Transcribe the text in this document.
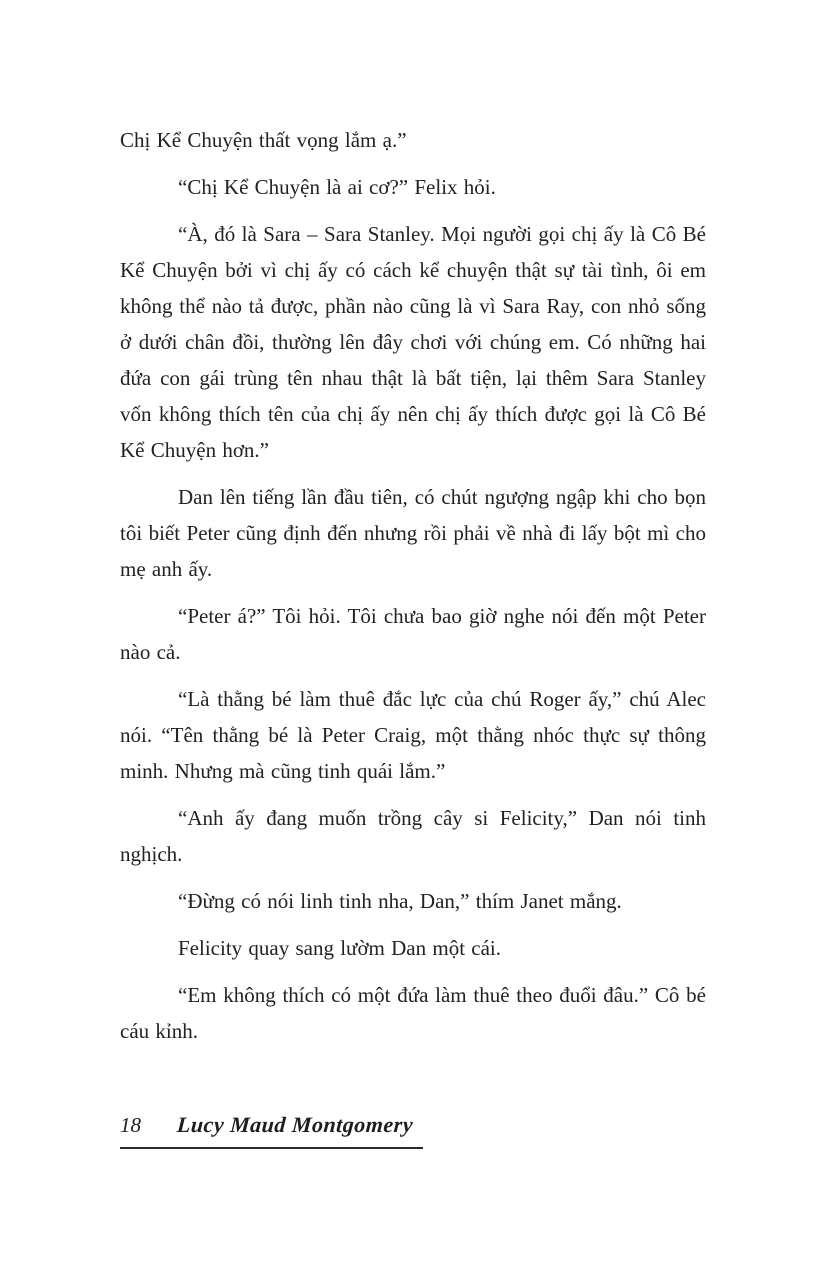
Chị Kể Chuyện thất vọng lắm ạ.”

“Chị Kể Chuyện là ai cơ?” Felix hỏi.

“À, đó là Sara – Sara Stanley. Mọi người gọi chị ấy là Cô Bé Kể Chuyện bởi vì chị ấy có cách kể chuyện thật sự tài tình, ôi em không thể nào tả được, phần nào cũng là vì Sara Ray, con nhỏ sống ở dưới chân đồi, thường lên đây chơi với chúng em. Có những hai đứa con gái trùng tên nhau thật là bất tiện, lại thêm Sara Stanley vốn không thích tên của chị ấy nên chị ấy thích được gọi là Cô Bé Kể Chuyện hơn.”

Dan lên tiếng lần đầu tiên, có chút ngượng ngập khi cho bọn tôi biết Peter cũng định đến nhưng rồi phải về nhà đi lấy bột mì cho mẹ anh ấy.

“Peter á?” Tôi hỏi. Tôi chưa bao giờ nghe nói đến một Peter nào cả.

“Là thằng bé làm thuê đắc lực của chú Roger ấy,” chú Alec nói. “Tên thằng bé là Peter Craig, một thằng nhóc thực sự thông minh. Nhưng mà cũng tinh quái lắm.”

“Anh ấy đang muốn trồng cây si Felicity,” Dan nói tinh nghịch.

“Đừng có nói linh tinh nha, Dan,” thím Janet mắng.

Felicity quay sang lườm Dan một cái.

“Em không thích có một đứa làm thuê theo đuổi đâu.” Cô bé cáu kỉnh.

18 Lucy Maud Montgomery
